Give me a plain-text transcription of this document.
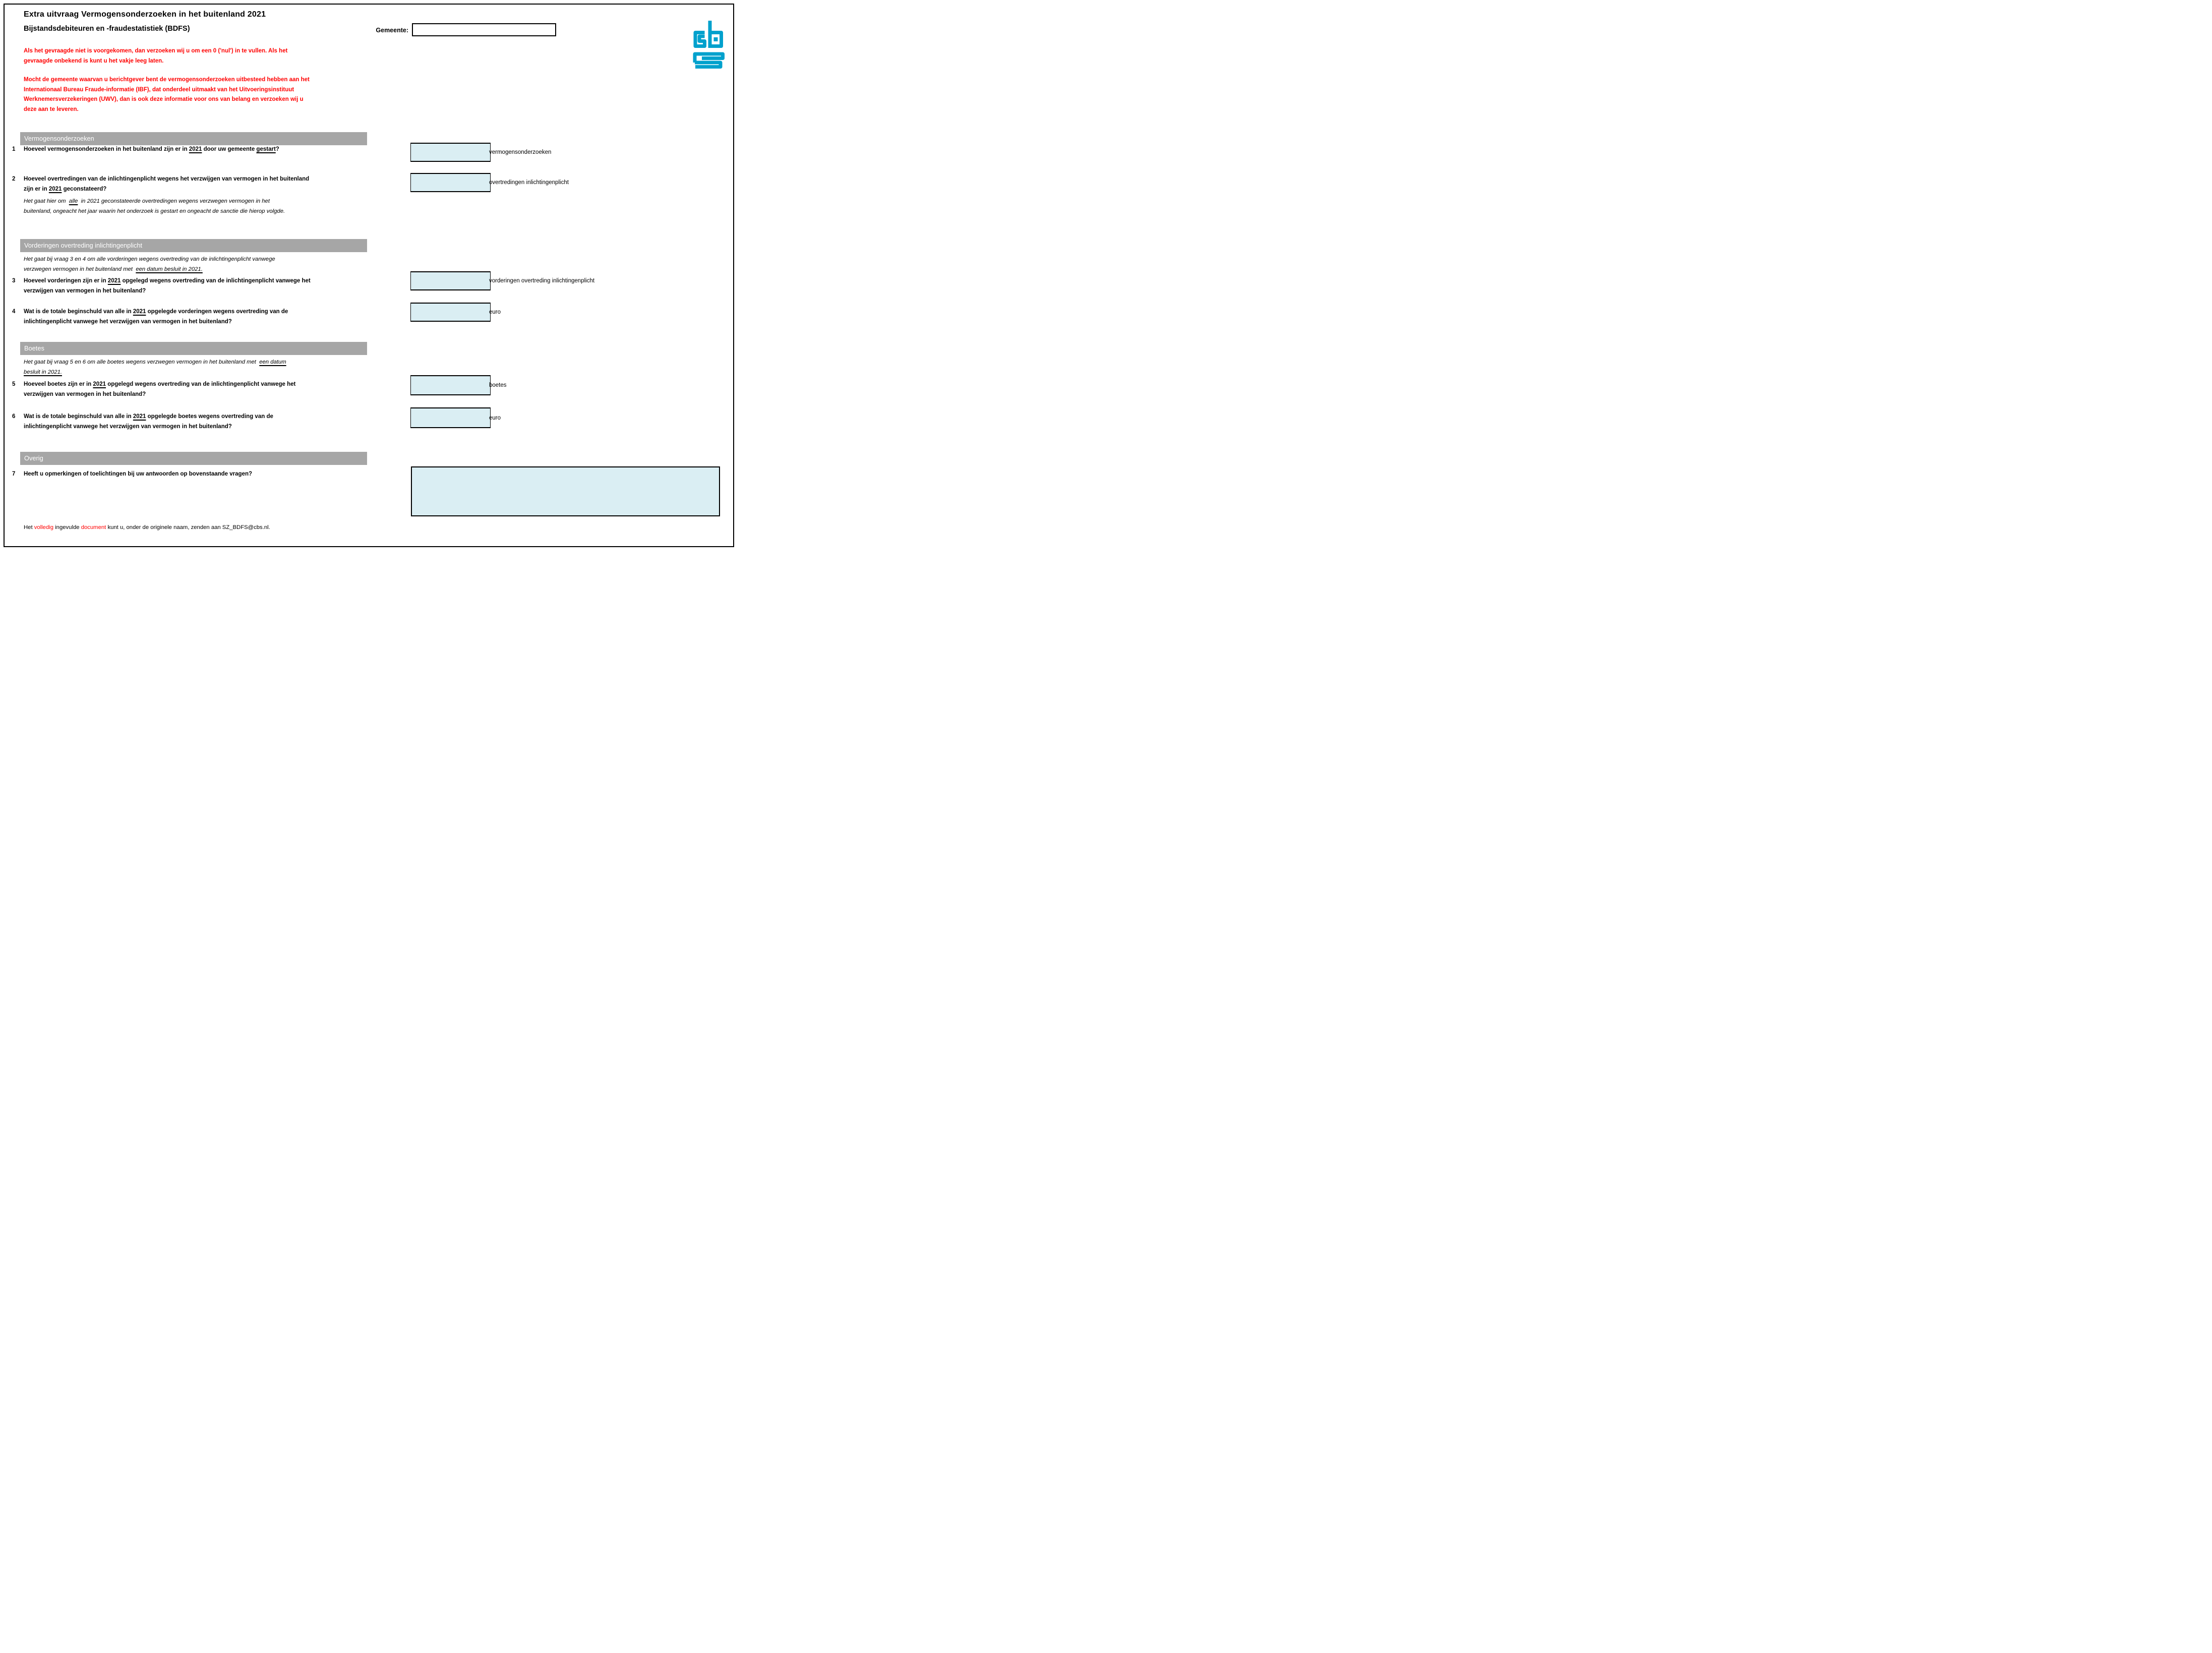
Extra uitvraag Vermogensonderzoeken in het buitenland 2021
Bijstandsdebiteuren en -fraudestatistiek (BDFS)	Gemeente:
Als het gevraagde niet is voorgekomen, dan verzoeken wij u om een 0 ('nul') in te vullen. Als het
gevraagde onbekend is kunt u het vakje leeg laten.
Mocht de gemeente waarvan u berichtgever bent de vermogensonderzoeken uitbesteed hebben aan het
Internationaal Bureau Fraude-informatie (IBF), dat onderdeel uitmaakt van het Uitvoeringsinstituut
Werknemersverzekeringen (UWV), dan is ook deze informatie voor ons van belang en verzoeken wij u
deze aan te leveren.
Vermogensonderzoeken
1 Hoeveel vermogensonderzoeken in het buitenland zijn er in 2021 door uw gemeente gestart?	vermogensonderzoeken
2 Hoeveel overtredingen van de inlichtingenplicht wegens het verzwijgen van vermogen in het buitenland
zijn er in 2021 geconstateerd?
overtredingen inlichtingenplicht
Het gaat hier om  alle  in 2021 geconstateerde overtredingen wegens verzwegen vermogen in het
buitenland, ongeacht het jaar waarin het onderzoek is gestart en ongeacht de sanctie die hierop volgde.
Vorderingen overtreding inlichtingenplicht
Het gaat bij vraag 3 en 4 om alle vorderingen wegens overtreding van de inlichtingenplicht vanwege
verzwegen vermogen in het buitenland met  een datum besluit in 2021.
3 Hoeveel vorderingen zijn er in 2021 opgelegd wegens overtreding van de inlichtingenplicht vanwege het
verzwijgen van vermogen in het buitenland?
vorderingen overtreding inlichtingenplicht
4 Wat is de totale beginschuld van alle in 2021 opgelegde vorderingen wegens overtreding van de
inlichtingenplicht vanwege het verzwijgen van vermogen in het buitenland?
euro
Boetes
Het gaat bij vraag 5 en 6 om alle boetes wegens verzwegen vermogen in het buitenland met  een datum
besluit in 2021.
5 Hoeveel boetes zijn er in 2021 opgelegd wegens overtreding van de inlichtingenplicht vanwege het
verzwijgen van vermogen in het buitenland?
boetes
6 Wat is de totale beginschuld van alle in 2021 opgelegde boetes wegens overtreding van de
inlichtingenplicht vanwege het verzwijgen van vermogen in het buitenland?
euro
Overig
7 Heeft u opmerkingen of toelichtingen bij uw antwoorden op bovenstaande vragen?
Het volledig ingevulde document kunt u, onder de originele naam, zenden aan SZ_BDFS@cbs.nl.
